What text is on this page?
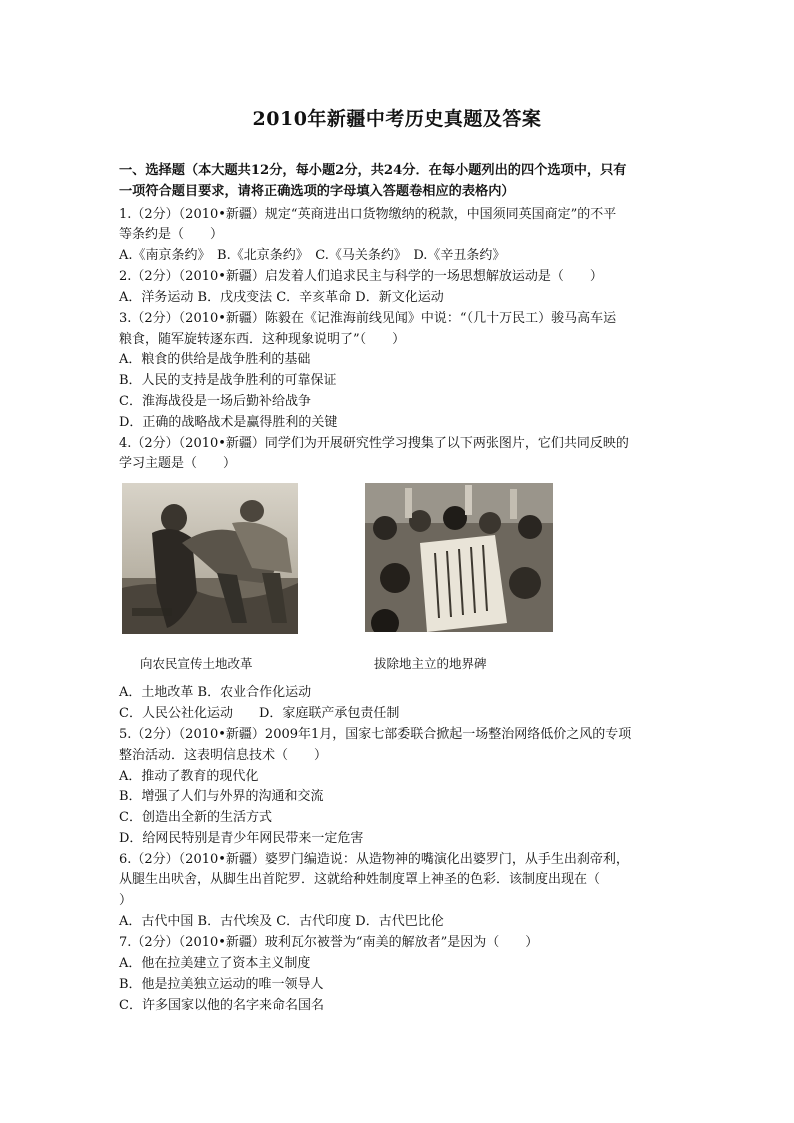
2010年新疆中考历史真题及答案
一、选择题（本大题共12分，每小题2分，共24分．在每小题列出的四个选项中，只有
一项符合题目要求，请将正确选项的字母填入答题卷相应的表格内）
1.（2分）（2010•新疆）规定“英商进出口货物缴纳的税款，中国须同英国商定”的不平
等条约是（　　）
A.《南京条约》　B.《北京条约》　C.《马关条约》　D.《辛丑条约》
2.（2分）（2010•新疆）启发着人们追求民主与科学的一场思想解放运动是（　　）
A．洋务运动 B．戊戌变法 C．辛亥革命 D．新文化运动
3.（2分）（2010•新疆）陈毅在《记淮海前线见闻》中说：“（几十万民工）骏马高车运
粮食，随军旋转逐东西．这种现象说明了”（　　）
A．粮食的供给是战争胜利的基础
B．人民的支持是战争胜利的可靠保证
C．淮海战役是一场后勤补给战争
D．正确的战略战术是赢得胜利的关键
4.（2分）（2010•新疆）同学们为开展研究性学习搜集了以下两张图片，它们共同反映的
学习主题是（　　）
向农民宣传土地改革	拔除地主立的地界碑
A．土地改革 B．农业合作化运动
C．人民公社化运动　　D．家庭联产承包责任制
5.（2分）（2010•新疆）2009年1月，国家七部委联合掀起一场整治网络低价之风的专项
整治活动．这表明信息技术（　　）
A．推动了教育的现代化
B．增强了人们与外界的沟通和交流
C．创造出全新的生活方式
D．给网民特别是青少年网民带来一定危害
6.（2分）（2010•新疆）婆罗门编造说：从造物神的嘴演化出婆罗门，从手生出刹帝利，
从腿生出吠舍，从脚生出首陀罗．这就给种姓制度罩上神圣的色彩．该制度出现在（
）
A．古代中国 B．古代埃及 C．古代印度 D．古代巴比伦
7.（2分）（2010•新疆）玻利瓦尔被誉为“南美的解放者”是因为（　　）
A．他在拉美建立了资本主义制度
B．他是拉美独立运动的唯一领导人
C．许多国家以他的名字来命名国名
